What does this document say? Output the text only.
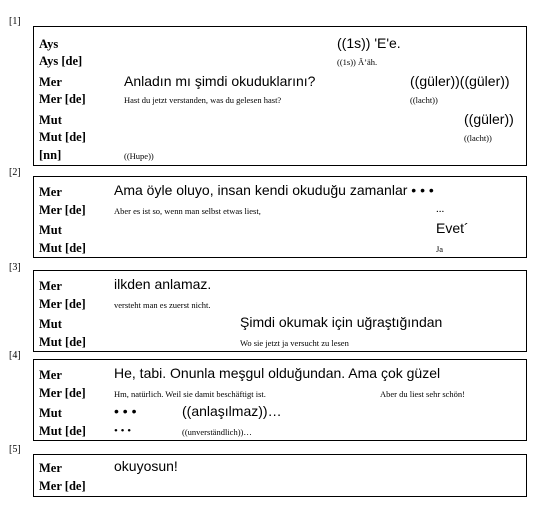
[1]
Ays	((1s)) 'E'e.
Ays [de]	((1s)) Äʼäh.
Mer	Anladın mı şimdi okuduklarını?	((güler))((güler))
Mer [de]	Hast du jetzt verstanden, was du gelesen hast?	((lacht))
Mut	((güler))
Mut [de]	((lacht))
[nn]	((Hupe))
[2]
Mer	Ama öyle oluyo, insan kendi okuduğu zamanlar • • •
Mer [de]	Aber es ist so, wenn man selbst etwas liest,	...
Mut	Evet´
Mut [de]	Ja
[3]
Mer	ilkden anlamaz.
Mer [de]	versteht man es zuerst nicht.
Mut	Şimdi okumak için uğraştığından
Mut [de]	Wo sie jetzt ja versucht zu lesen
[4]
Mer	He, tabi. Onunla meşgul olduğundan. Ama çok güzel
Mer [de]	Hm, natürlich. Weil sie damit beschäftigt ist.	Aber du liest sehr schön!
Mut	• • •	((anlaşılmaz))…
Mut [de]	• • •	((unverständlich))…
[5]
Mer	okuyosun!
Mer [de]
